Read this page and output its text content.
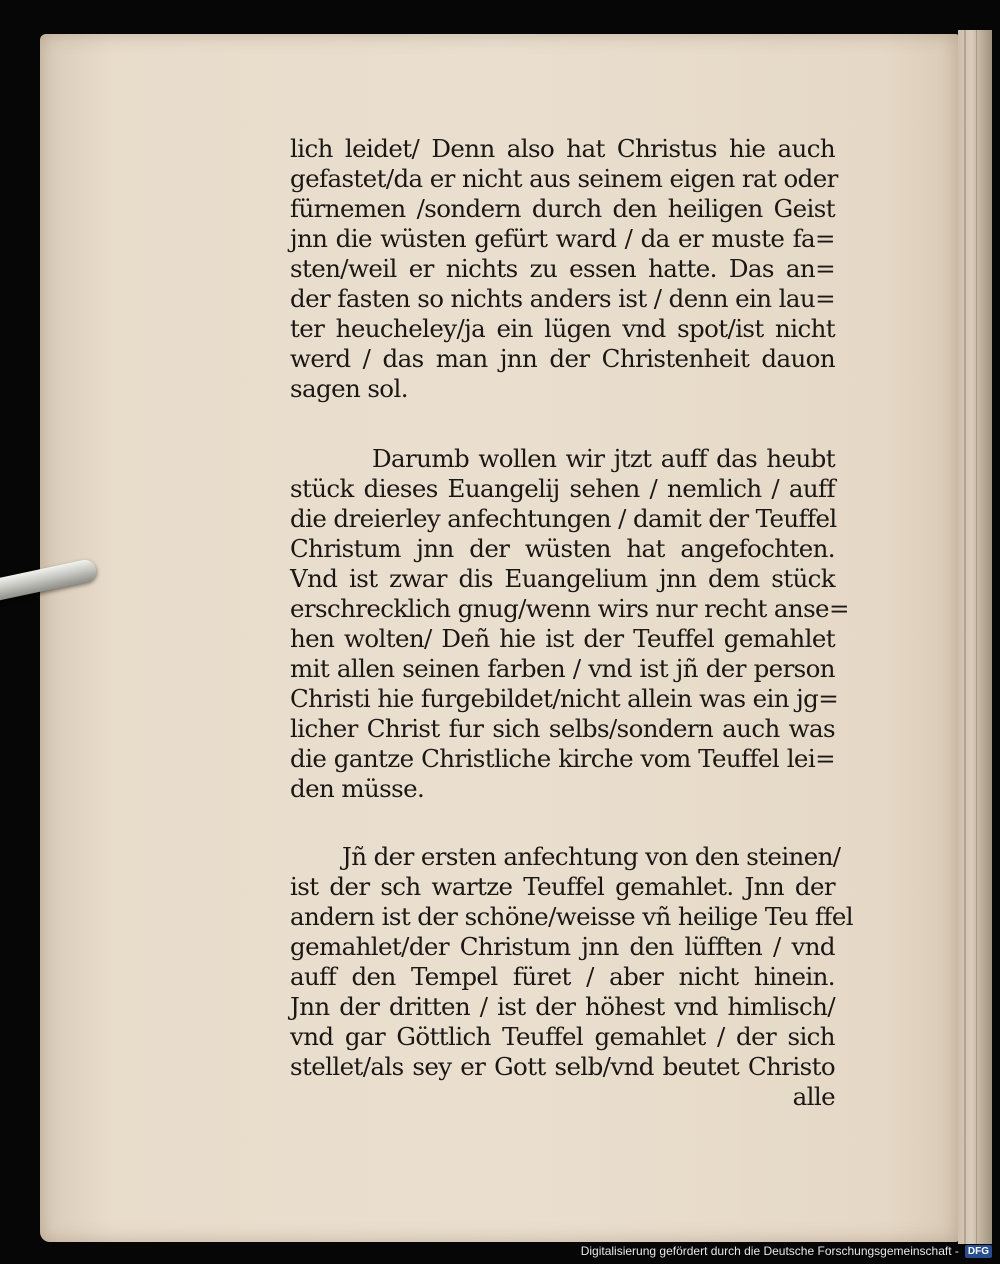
lich leidet/ Denn also hat Christus hie auch
gefastet/da er nicht aus seinem eigen rat oder
fürnemen /sondern durch den heiligen Geist
jnn die wüsten gefürt ward / da er muste fa=
sten/weil er nichts zu essen hatte. Das an=
der fasten so nichts anders ist / denn ein lau=
ter heucheley/ja ein lügen vnd spot/ist nicht
werd / das man jnn der Christenheit dauon
sagen sol.
Darumb wollen wir jtzt auff das heubt
stück dieses Euangelij sehen / nemlich / auff
die dreierley anfechtungen / damit der Teuffel
Christum jnn der wüsten hat angefochten.
Vnd ist zwar dis Euangelium jnn dem stück
erschrecklich gnug/wenn wirs nur recht anse=
hen wolten/ Deñ hie ist der Teuffel gemahlet
mit allen seinen farben / vnd ist jñ der person
Christi hie furgebildet/nicht allein was ein jg=
licher Christ fur sich selbs/sondern auch was
die gantze Christliche kirche vom Teuffel lei=
den müsse.
Jñ der ersten anfechtung von den steinen/
ist der sch wartze Teuffel gemahlet. Jnn der
andern ist der schöne/weisse vñ heilige Teu ffel
gemahlet/der Christum jnn den lüfften / vnd
auff den Tempel füret / aber nicht hinein.
Jnn der dritten / ist der höhest vnd himlisch/
vnd gar Göttlich Teuffel gemahlet / der sich
stellet/als sey er Gott selb/vnd beutet Christo
alle
Digitalisierung gefördert durch die Deutsche Forschungsgemeinschaft - DFG
